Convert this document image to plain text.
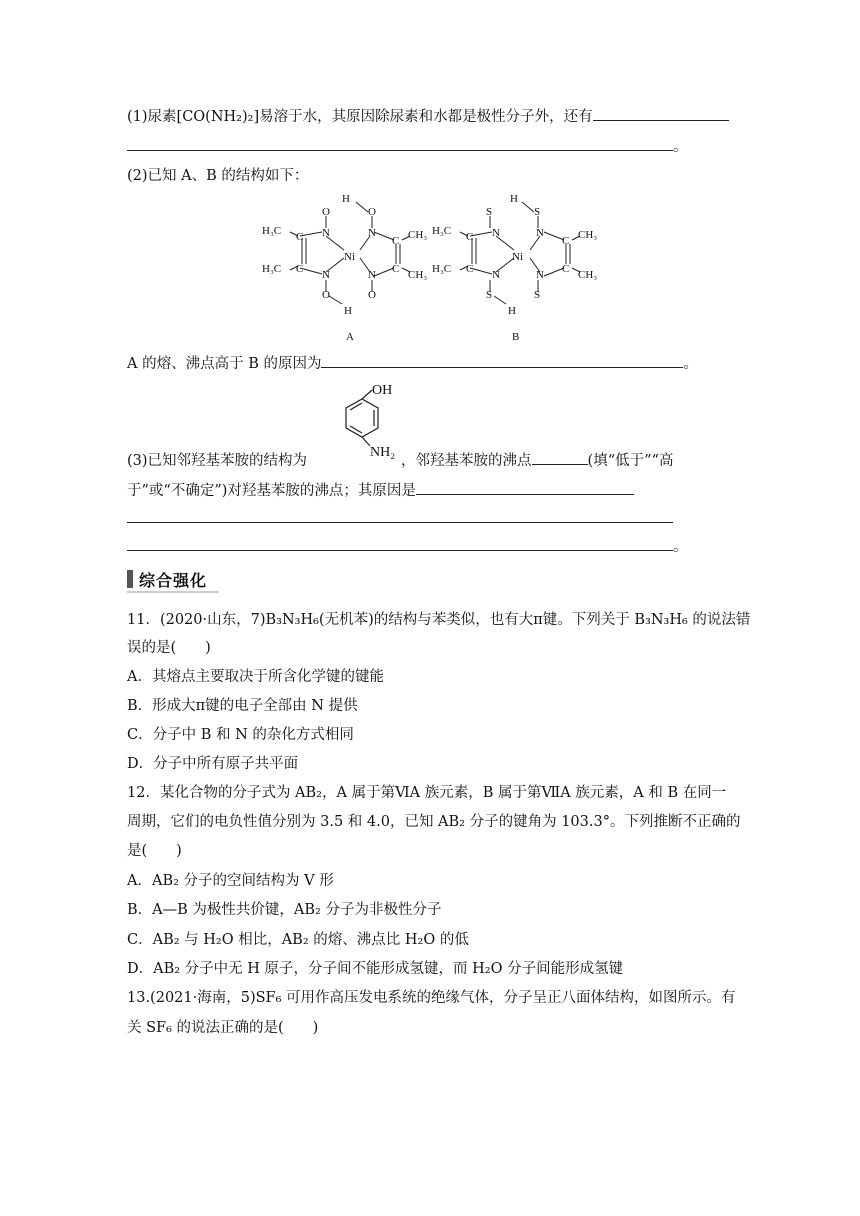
(1)尿素[CO(NH₂)₂]易溶于水，其原因除尿素和水都是极性分子外，还有
。
(2)已知 A、B 的结构如下：
O
N
C
C N
O
H
Ni
H
O
N
C
C
N
O
H₃C
H₃C
CH₃
CH₃
A
S
N
C
C N
S
H
Ni
H
S
N
C
C
N
S
H₃C
H₃C
CH₃
CH₃
B
A 的熔、沸点高于 B 的原因为	。
OH
NH₂
(3)已知邻羟基苯胺的结构为	，邻羟基苯胺的沸点	(填“低于”“高
于”或“不确定”)对羟基苯胺的沸点；其原因是
。
综合强化
11．(2020·山东，7)B₃N₃H₆(无机苯)的结构与苯类似，也有大π键。下列关于 B₃N₃H₆ 的说法错
误的是(　　)
A．其熔点主要取决于所含化学键的键能
B．形成大π键的电子全部由 N 提供
C．分子中 B 和 N 的杂化方式相同
D．分子中所有原子共平面
12．某化合物的分子式为 AB₂，A 属于第ⅥA 族元素，B 属于第ⅦA 族元素，A 和 B 在同一
周期，它们的电负性值分别为 3.5 和 4.0，已知 AB₂ 分子的键角为 103.3°。下列推断不正确的
是(　　)
A．AB₂ 分子的空间结构为 V 形
B．A—B 为极性共价键，AB₂ 分子为非极性分子
C．AB₂ 与 H₂O 相比，AB₂ 的熔、沸点比 H₂O 的低
D．AB₂ 分子中无 H 原子，分子间不能形成氢键，而 H₂O 分子间能形成氢键
13.(2021·海南，5)SF₆ 可用作高压发电系统的绝缘气体，分子呈正八面体结构，如图所示。有
关 SF₆ 的说法正确的是(　　)
